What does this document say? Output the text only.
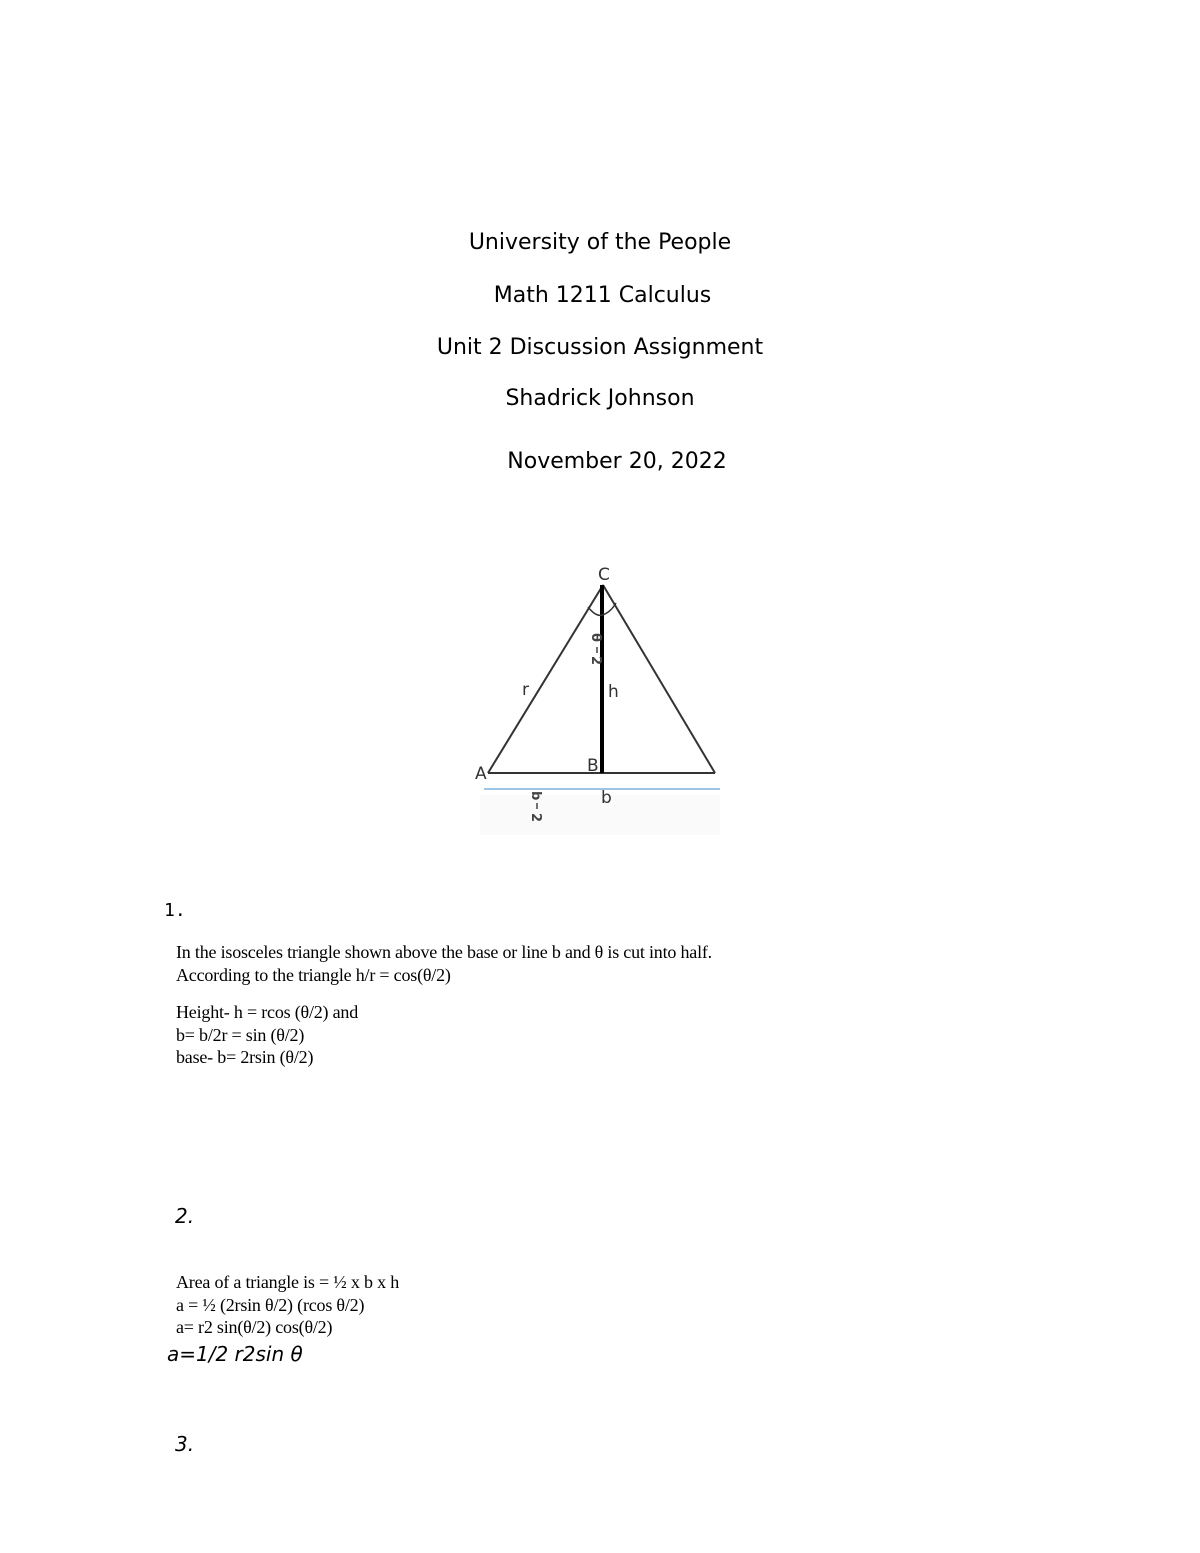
University of the People
Math 1211 Calculus
Unit 2 Discussion Assignment
Shadrick Johnson
November 20, 2022
C
A	B
r	h
b
θ
2
b
2
1.
In the isosceles triangle shown above the base or line b and θ is cut into half.
According to the triangle h/r = cos(θ/2)
Height- h = rcos (θ/2) and
b= b/2r = sin (θ/2)
base- b= 2rsin (θ/2)
2.
Area of a triangle is = ½ x b x h
a = ½ (2rsin θ/2) (rcos θ/2)
a= r2 sin(θ/2) cos(θ/2)
a=1/2 r2sin θ
3.
